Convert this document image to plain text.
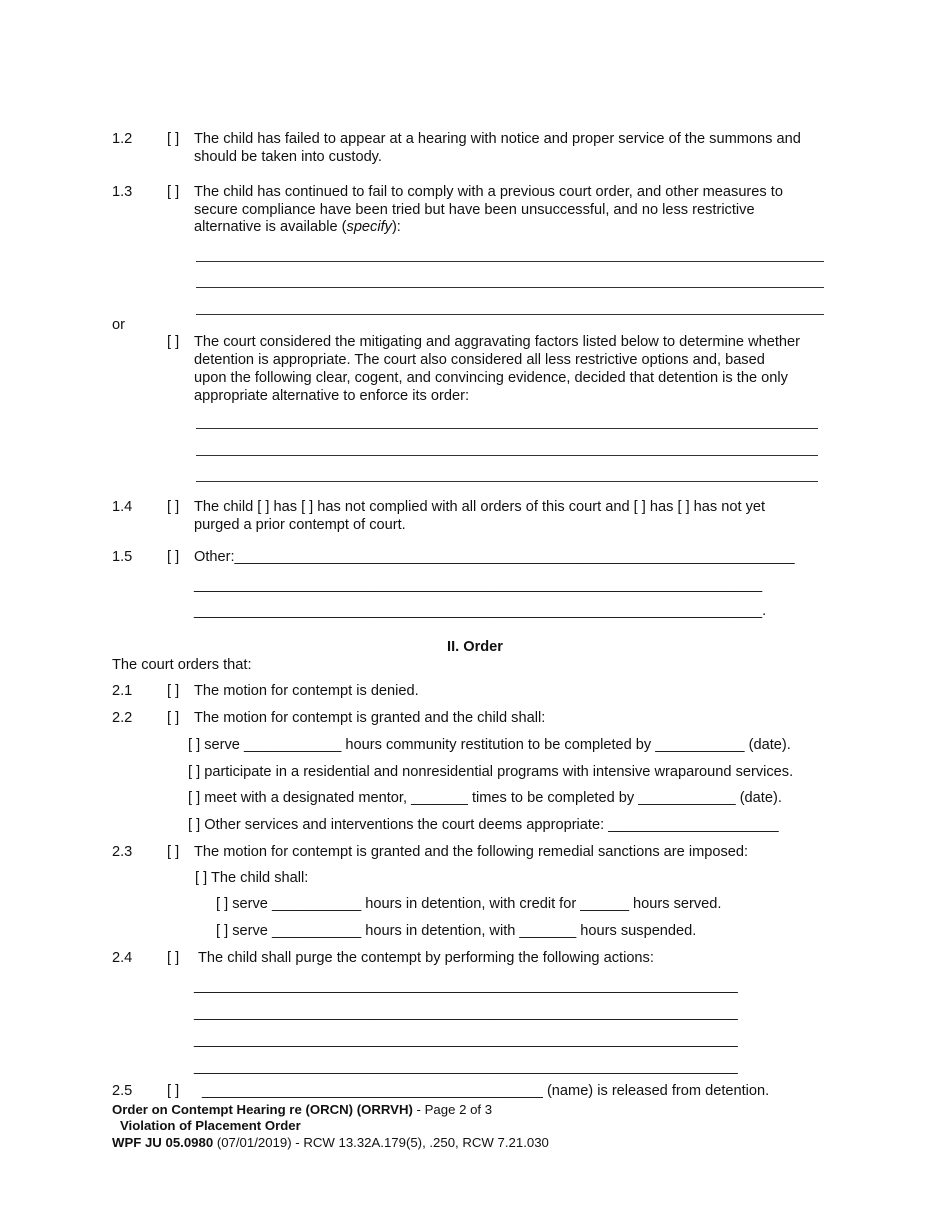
1.2 [ ] The child has failed to appear at a hearing with notice and proper service of the summons and
should be taken into custody.
1.3 [ ] The child has continued to fail to comply with a previous court order, and other measures to
secure compliance have been tried but have been unsuccessful, and no less restrictive
alternative is available (specify):
or
[ ] The court considered the mitigating and aggravating factors listed below to determine whether
detention is appropriate. The court also considered all less restrictive options and, based
upon the following clear, cogent, and convincing evidence, decided that detention is the only
appropriate alternative to enforce its order:
1.4 [ ] The child [ ] has [ ] has not complied with all orders of this court and [ ] has [ ] has not yet
purged a prior contempt of court.
1.5 [ ] Other:_____________________________________________________________________
______________________________________________________________________
______________________________________________________________________.
II. Order
The court orders that:
2.1 [ ] The motion for contempt is denied.
2.2 [ ] The motion for contempt is granted and the child shall:
[ ] serve ____________ hours community restitution to be completed by ___________ (date).
[ ] participate in a residential and nonresidential programs with intensive wraparound services.
[ ] meet with a designated mentor, _______ times to be completed by ____________ (date).
[ ] Other services and interventions the court deems appropriate: _____________________
2.3 [ ] The motion for contempt is granted and the following remedial sanctions are imposed:
[ ] The child shall:
[ ] serve ___________ hours in detention, with credit for ______ hours served.
[ ] serve ___________ hours in detention, with _______ hours suspended.
2.4 [ ] The child shall purge the contempt by performing the following actions:
___________________________________________________________________
___________________________________________________________________
___________________________________________________________________
___________________________________________________________________
2.5 [ ] __________________________________________ (name) is released from detention.
Order on Contempt Hearing re (ORCN) (ORRVH) - Page 2 of 3
Violation of Placement Order
WPF JU 05.0980 (07/01/2019) - RCW 13.32A.179(5), .250, RCW 7.21.030
